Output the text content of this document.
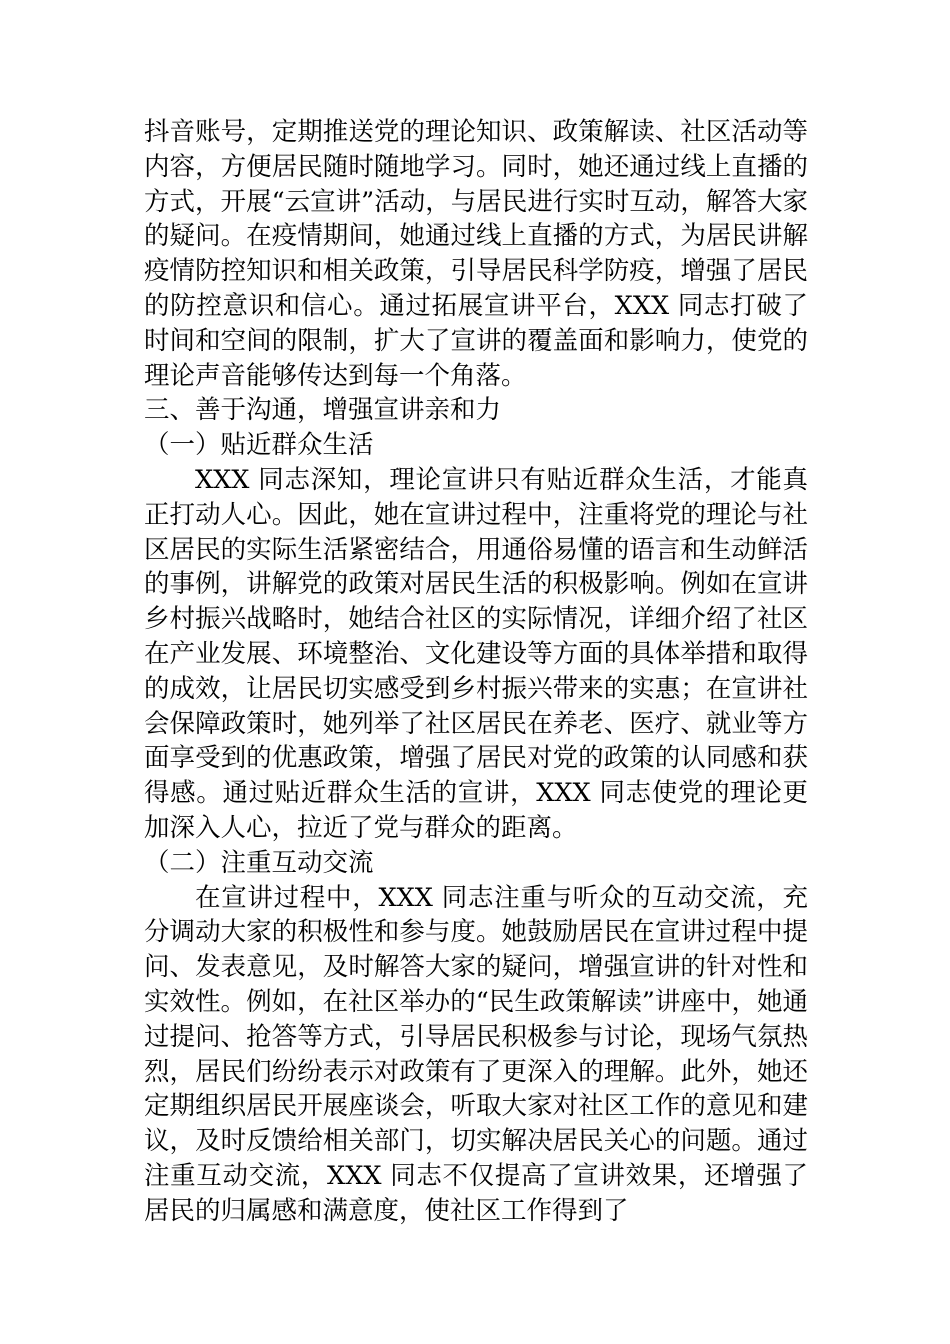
抖音账号，定期推送党的理论知识、政策解读、社区活动等内容，方便居民随时随地学习。同时，她还通过线上直播的方式，开展“云宣讲”活动，与居民进行实时互动，解答大家的疑问。在疫情期间，她通过线上直播的方式，为居民讲解疫情防控知识和相关政策，引导居民科学防疫，增强了居民的防控意识和信心。通过拓展宣讲平台，XXX 同志打破了时间和空间的限制，扩大了宣讲的覆盖面和影响力，使党的理论声音能够传达到每一个角落。

三、善于沟通，增强宣讲亲和力

（一）贴近群众生活

XXX 同志深知，理论宣讲只有贴近群众生活，才能真正打动人心。因此，她在宣讲过程中，注重将党的理论与社区居民的实际生活紧密结合，用通俗易懂的语言和生动鲜活的事例，讲解党的政策对居民生活的积极影响。例如在宣讲乡村振兴战略时，她结合社区的实际情况，详细介绍了社区在产业发展、环境整治、文化建设等方面的具体举措和取得的成效，让居民切实感受到乡村振兴带来的实惠；在宣讲社会保障政策时，她列举了社区居民在养老、医疗、就业等方面享受到的优惠政策，增强了居民对党的政策的认同感和获得感。通过贴近群众生活的宣讲，XXX 同志使党的理论更加深入人心，拉近了党与群众的距离。

（二）注重互动交流

在宣讲过程中，XXX 同志注重与听众的互动交流，充分调动大家的积极性和参与度。她鼓励居民在宣讲过程中提问、发表意见，及时解答大家的疑问，增强宣讲的针对性和实效性。例如，在社区举办的“民生政策解读”讲座中，她通过提问、抢答等方式，引导居民积极参与讨论，现场气氛热烈，居民们纷纷表示对政策有了更深入的理解。此外，她还定期组织居民开展座谈会，听取大家对社区工作的意见和建议，及时反馈给相关部门，切实解决居民关心的问题。通过注重互动交流，XXX 同志不仅提高了宣讲效果，还增强了居民的归属感和满意度，使社区工作得到了
